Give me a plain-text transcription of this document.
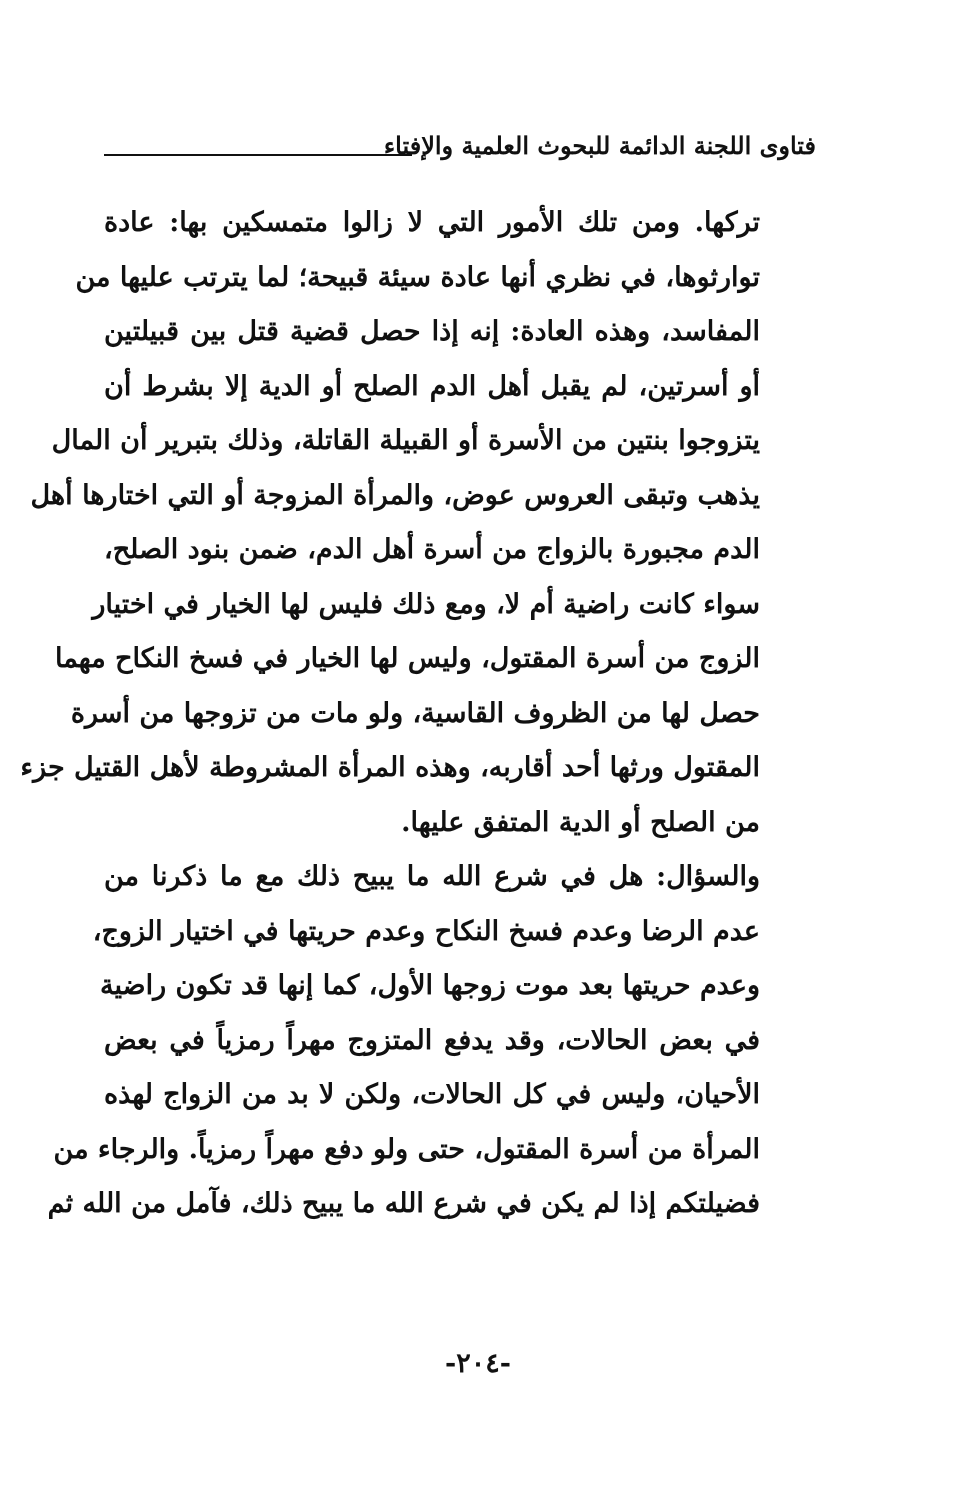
فتاوى اللجنة الدائمة للبحوث العلمية والإفتاء
تركها. ومن تلك الأمور التي لا زالوا متمسكين بها: عادة
توارثوها، في نظري أنها عادة سيئة قبيحة؛ لما يترتب عليها من
المفاسد، وهذه العادة: إنه إذا حصل قضية قتل بين قبيلتين
أو أسرتين، لم يقبل أهل الدم الصلح أو الدية إلا بشرط أن
يتزوجوا بنتين من الأسرة أو القبيلة القاتلة، وذلك بتبرير أن المال
يذهب وتبقى العروس عوض، والمرأة المزوجة أو التي اختارها أهل
الدم مجبورة بالزواج من أسرة أهل الدم، ضمن بنود الصلح،
سواء كانت راضية أم لا، ومع ذلك فليس لها الخيار في اختيار
الزوج من أسرة المقتول، وليس لها الخيار في فسخ النكاح مهما
حصل لها من الظروف القاسية، ولو مات من تزوجها من أسرة
المقتول ورثها أحد أقاربه، وهذه المرأة المشروطة لأهل القتيل جزء
من الصلح أو الدية المتفق عليها.
والسؤال: هل في شرع الله ما يبيح ذلك مع ما ذكرنا من
عدم الرضا وعدم فسخ النكاح وعدم حريتها في اختيار الزوج،
وعدم حريتها بعد موت زوجها الأول، كما إنها قد تكون راضية
في بعض الحالات، وقد يدفع المتزوج مهراً رمزياً في بعض
الأحيان، وليس في كل الحالات، ولكن لا بد من الزواج لهذه
المرأة من أسرة المقتول، حتى ولو دفع مهراً رمزياً. والرجاء من
فضيلتكم إذا لم يكن في شرع الله ما يبيح ذلك، فآمل من الله ثم
-٢٠٤-
